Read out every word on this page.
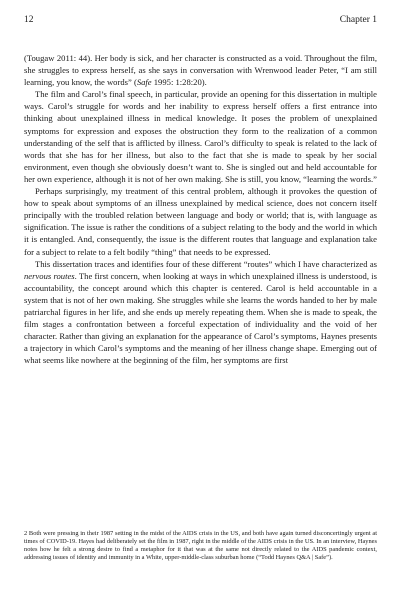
12	Chapter 1

(Tougaw 2011: 44). Her body is sick, and her character is constructed as a void. Throughout the film, she struggles to express herself, as she says in conversation with Wrenwood leader Peter, “I am still learning, you know, the words” (Safe 1995: 1:28:20).

The film and Carol’s final speech, in particular, provide an opening for this dissertation in multiple ways. Carol’s struggle for words and her inability to express herself offers a first entrance into thinking about unexplained illness in medical knowledge. It poses the problem of unexplained symptoms for expression and exposes the obstruction they form to the realization of a common understanding of the self that is afflicted by illness. Carol’s difficulty to speak is related to the lack of words that she has for her illness, but also to the fact that she is made to speak by her social environment, even though she obviously doesn’t want to. She is singled out and held accountable for her own experience, although it is not of her own making. She is still, you know, “learning the words.”

Perhaps surprisingly, my treatment of this central problem, although it provokes the question of how to speak about symptoms of an illness unexplained by medical science, does not concern itself principally with the troubled relation between language and body or world; that is, with language as signification. The issue is rather the conditions of a subject relating to the body and the world in which it is entangled. And, consequently, the issue is the different routes that language and explanation take for a subject to relate to a felt bodily “thing” that needs to be expressed.

This dissertation traces and identifies four of these different “routes” which I have characterized as nervous routes. The first concern, when looking at ways in which unexplained illness is understood, is accountability, the concept around which this chapter is centered. Carol is held accountable in a system that is not of her own making. She struggles while she learns the words handed to her by male patriarchal figures in her life, and she ends up merely repeating them. When she is made to speak, the film stages a confrontation between a forceful expectation of individuality and the void of her character. Rather than giving an explanation for the appearance of Carol’s symptoms, Haynes presents a trajectory in which Carol’s symptoms and the meaning of her illness change shape. Emerging out of what seems like nowhere at the beginning of the film, her symptoms are first

2 Both were pressing in their 1987 setting in the midst of the AIDS crisis in the US, and both have again turned disconcertingly urgent at times of COVID-19. Hayes had deliberately set the film in 1987, right in the middle of the AIDS crisis in the US. In an interview, Haynes notes how he felt a strong desire to find a metaphor for it that was at the same not directly related to the AIDS pandemic context, addressing issues of identity and immunity in a White, upper-middle-class suburban home (“Todd Haynes Q&A | Safe”).
